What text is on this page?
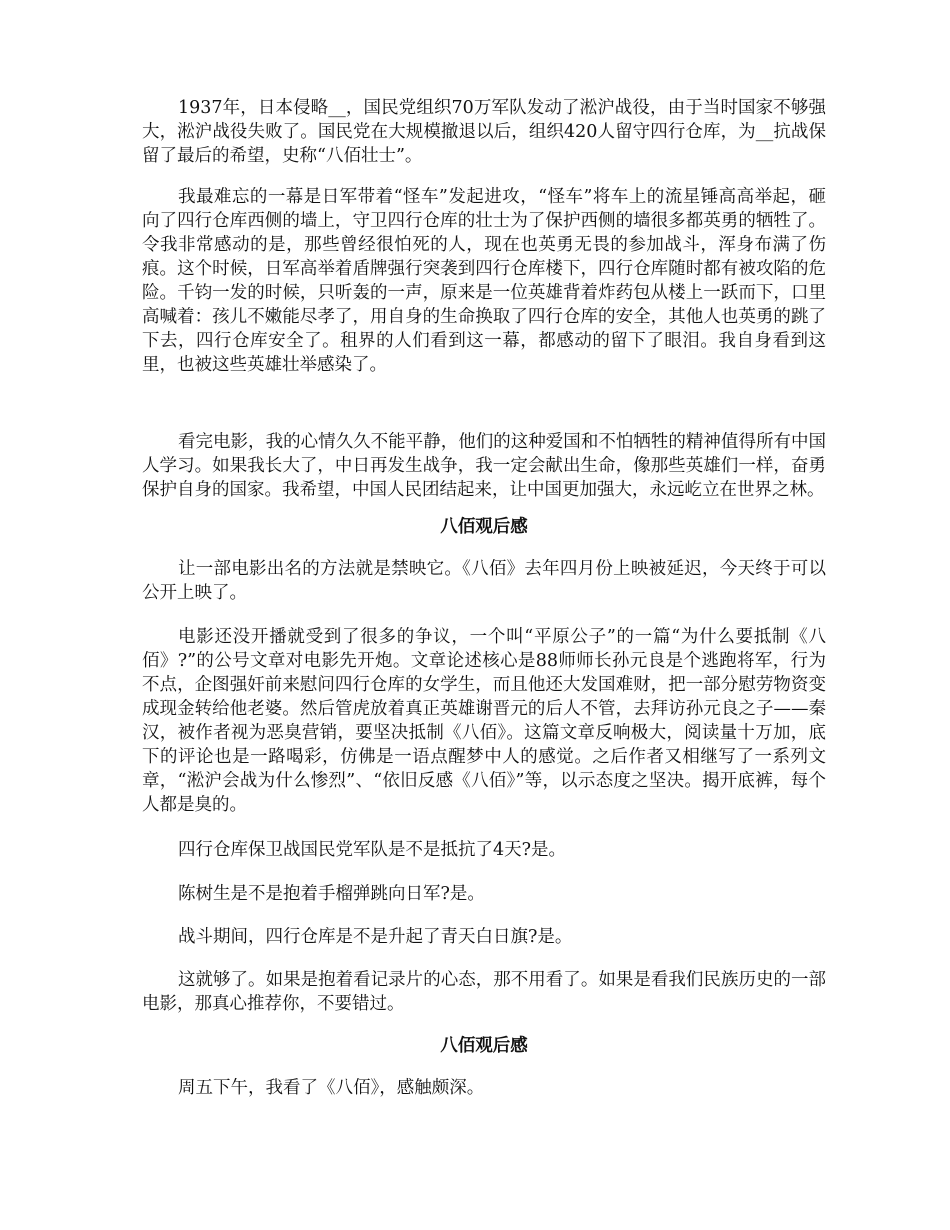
1937年，日本侵略__，国民党组织70万军队发动了淞沪战役，由于当时国家不够强大，淞沪战役失败了。国民党在大规模撤退以后，组织420人留守四行仓库，为__抗战保留了最后的希望，史称“八佰壮士”。

我最难忘的一幕是日军带着“怪车”发起进攻，“怪车”将车上的流星锤高高举起，砸向了四行仓库西侧的墙上，守卫四行仓库的壮士为了保护西侧的墙很多都英勇的牺牲了。令我非常感动的是，那些曾经很怕死的人，现在也英勇无畏的参加战斗，浑身布满了伤痕。这个时候，日军高举着盾牌强行突袭到四行仓库楼下，四行仓库随时都有被攻陷的危险。千钧一发的时候，只听轰的一声，原来是一位英雄背着炸药包从楼上一跃而下，口里高喊着：孩儿不嫩能尽孝了，用自身的生命换取了四行仓库的安全，其他人也英勇的跳了下去，四行仓库安全了。租界的人们看到这一幕，都感动的留下了眼泪。我自身看到这里，也被这些英雄壮举感染了。

看完电影，我的心情久久不能平静，他们的这种爱国和不怕牺牲的精神值得所有中国人学习。如果我长大了，中日再发生战争，我一定会献出生命，像那些英雄们一样，奋勇保护自身的国家。我希望，中国人民团结起来，让中国更加强大，永远屹立在世界之林。

八佰观后感

让一部电影出名的方法就是禁映它。《八佰》去年四月份上映被延迟，今天终于可以公开上映了。

电影还没开播就受到了很多的争议，一个叫“平原公子”的一篇“为什么要抵制《八佰》?”的公号文章对电影先开炮。文章论述核心是88师师长孙元良是个逃跑将军，行为不点，企图强奸前来慰问四行仓库的女学生，而且他还大发国难财，把一部分慰劳物资变成现金转给他老婆。然后管虎放着真正英雄谢晋元的后人不管，去拜访孙元良之子——秦汉，被作者视为恶臭营销，要坚决抵制《八佰》。这篇文章反响极大，阅读量十万加，底下的评论也是一路喝彩，仿佛是一语点醒梦中人的感觉。之后作者又相继写了一系列文章，“淞沪会战为什么惨烈”、“依旧反感《八佰》”等，以示态度之坚决。揭开底裤，每个人都是臭的。

四行仓库保卫战国民党军队是不是抵抗了4天?是。

陈树生是不是抱着手榴弹跳向日军?是。

战斗期间，四行仓库是不是升起了青天白日旗?是。

这就够了。如果是抱着看记录片的心态，那不用看了。如果是看我们民族历史的一部电影，那真心推荐你，不要错过。

八佰观后感

周五下午，我看了《八佰》，感触颇深。
